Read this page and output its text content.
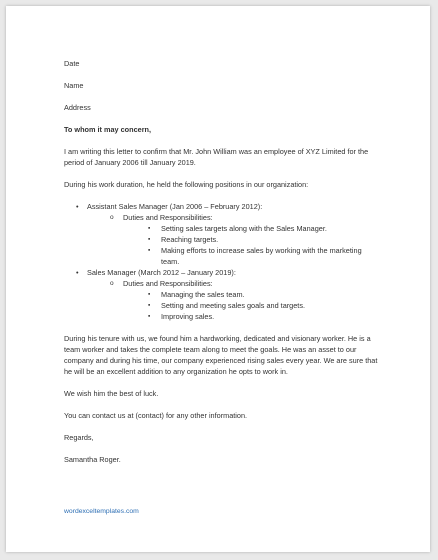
Date
Name
Address
To whom it may concern,

I am writing this letter to confirm that Mr. John William was an employee of XYZ Limited for the period of January 2006 till January 2019.

During his work duration, he held the following positions in our organization:

• Assistant Sales Manager (Jan 2006 – February 2012):
o Duties and Responsibilities:
▪ Setting sales targets along with the Sales Manager.
▪ Reaching targets.
▪ Making efforts to increase sales by working with the marketing team.
• Sales Manager (March 2012 – January 2019):
o Duties and Responsibilities:
▪ Managing the sales team.
▪ Setting and meeting sales goals and targets.
▪ Improving sales.

During his tenure with us, we found him a hardworking, dedicated and visionary worker. He is a team worker and takes the complete team along to meet the goals. He was an asset to our company and during his time, our company experienced rising sales every year. We are sure that he will be an excellent addition to any organization he opts to work in.

We wish him the best of luck.

You can contact us at (contact) for any other information.

Regards,

Samantha Roger.

wordexceltemplates.com
